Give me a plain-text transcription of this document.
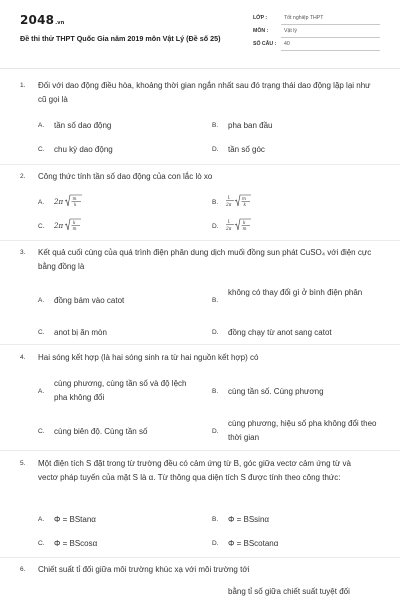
2048.vn
Đề thi thử THPT Quốc Gia năm 2019 môn Vật Lý (Đề số 25)
LỚP :	Tốt nghiệp THPT
MÔN :	Vật lý
SỐ CÂU : 40
1. Đối với dao động điều hòa, khoảng thời gian ngắn nhất sau đó trạng thái dao động lặp lại như cũ gọi là
A. tần số dao động	B. pha ban đầu
C. chu kỳ dao động	D. tần số góc
2. Công thức tính tần số dao động của con lắc lò xo
A. 2π m
k	B.
1
2π
m
k
C. 2π k
m	D.
1
2π
k
m
3. Kết quả cuối cùng của quá trình điện phân dung dịch muối đồng sun phát CuSO₄ với điện cực bằng đồng là
A. đồng bám vào catot	B.
không có thay đổi gì ở bình điện phân
C. anot bị ăn mòn	D. đồng chạy từ anot sang catot
4. Hai sóng kết hợp (là hai sóng sinh ra từ hai nguồn kết hợp) có
A.
cùng phương, cùng tần số và độ lệch pha không đổi
B. cùng tần số. Cùng phương
C. cùng biên độ. Cùng tần số	D.
cùng phương, hiệu số pha không đổi theo thời gian
5. Một điện tích S đặt trong từ trường đều có cảm ứng từ B, góc giữa vectơ cảm ứng từ và vectơ pháp tuyến của mặt S là α. Từ thông qua diện tích S được tính theo công thức:
A. Φ = BStanα	B. Φ = BSsinα
C. Φ = BScosα	D. Φ = BScotanα
6. Chiết suất tỉ đối giữa môi trường khúc xạ với môi trường tới
bằng tỉ số giữa chiết suất tuyệt đối
